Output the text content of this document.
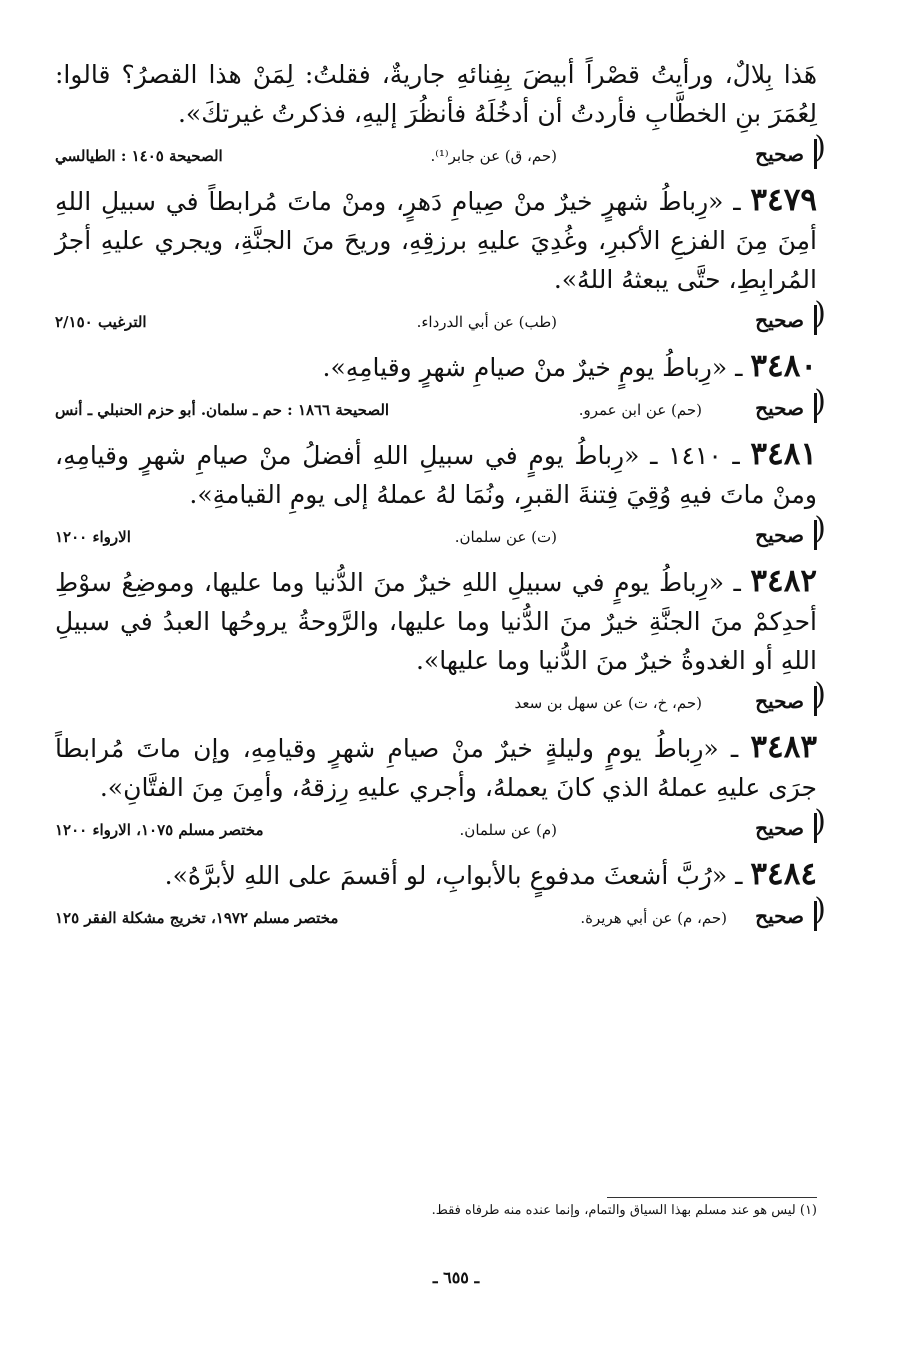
هَذا بِلالٌ، ورأيتُ قصْراً أبيضَ بِفِنائهِ جاريةٌ، فقلتُ: لِمَنْ هذا القصرُ؟ قالوا: لِعُمَرَ بنِ الخطَّابِ فأردتُ أن أدخُلَهُ فأنظُرَ إليهِ، فذكرتُ غيرتكَ».

( صحيح
(حم، ق) عن جابر⁽¹⁾.
الصحيحة ١٤٠٥ : الطيالسي

٣٤٧٩ ـ «رِباطُ شهرٍ خيرٌ منْ صِيامِ دَهرٍ، ومنْ ماتَ مُرابطاً في سبيلِ اللهِ أمِنَ مِنَ الفزعِ الأكبرِ، وغُدِيَ عليهِ برزقِهِ، وريحَ منَ الجنَّةِ، ويجري عليهِ أجرُ المُرابِطِ، حتَّى يبعثهُ اللهُ».

( صحيح
(طب) عن أبي الدرداء.
الترغيب ٢/١٥٠

٣٤٨٠ ـ «رِباطُ يومٍ خيرٌ منْ صيامِ شهرٍ وقيامِهِ».

( صحيح
(حم) عن ابن عمرو.
الصحيحة ١٨٦٦ : حم ـ سلمان. أبو حزم الحنبلي ـ أنس

٣٤٨١ ـ ١٤١٠ ـ «رِباطُ يومٍ في سبيلِ اللهِ أفضلُ منْ صيامِ شهرٍ وقيامِهِ، ومنْ ماتَ فيهِ وُقِيَ فِتنةَ القبرِ، ونُمَا لهُ عملهُ إلى يومِ القيامةِ».

( صحيح
(ت) عن سلمان.
الارواء ١٢٠٠

٣٤٨٢ ـ «رِباطُ يومٍ في سبيلِ اللهِ خيرٌ منَ الدُّنيا وما عليها، وموضِعُ سوْطِ أحدِكمْ منَ الجنَّةِ خيرٌ منَ الدُّنيا وما عليها، والرَّوحةُ يروحُها العبدُ في سبيلِ اللهِ أو الغدوةُ خيرٌ منَ الدُّنيا وما عليها».

( صحيح
(حم، خ، ت) عن سهل بن سعد

٣٤٨٣ ـ «رِباطُ يومٍ وليلةٍ خيرٌ منْ صيامِ شهرٍ وقيامِهِ، وإن ماتَ مُرابطاً جرَى عليهِ عملهُ الذي كانَ يعملهُ، وأجري عليهِ رِزقهُ، وأمِنَ مِنَ الفتَّانِ».

( صحيح
(م) عن سلمان.
مختصر مسلم ١٠٧٥، الارواء ١٢٠٠

٣٤٨٤ ـ «رُبَّ أشعثَ مدفوعٍ بالأبوابِ، لو أقسمَ على اللهِ لأبرَّهُ».

( صحيح
(حم، م) عن أبي هريرة.
مختصر مسلم ١٩٧٢، تخريج مشكلة الفقر ١٢٥
(١) ليس هو عند مسلم بهذا السياق والتمام، وإنما عنده منه طرفاه فقط.
ـ ٦٥٥ ـ
